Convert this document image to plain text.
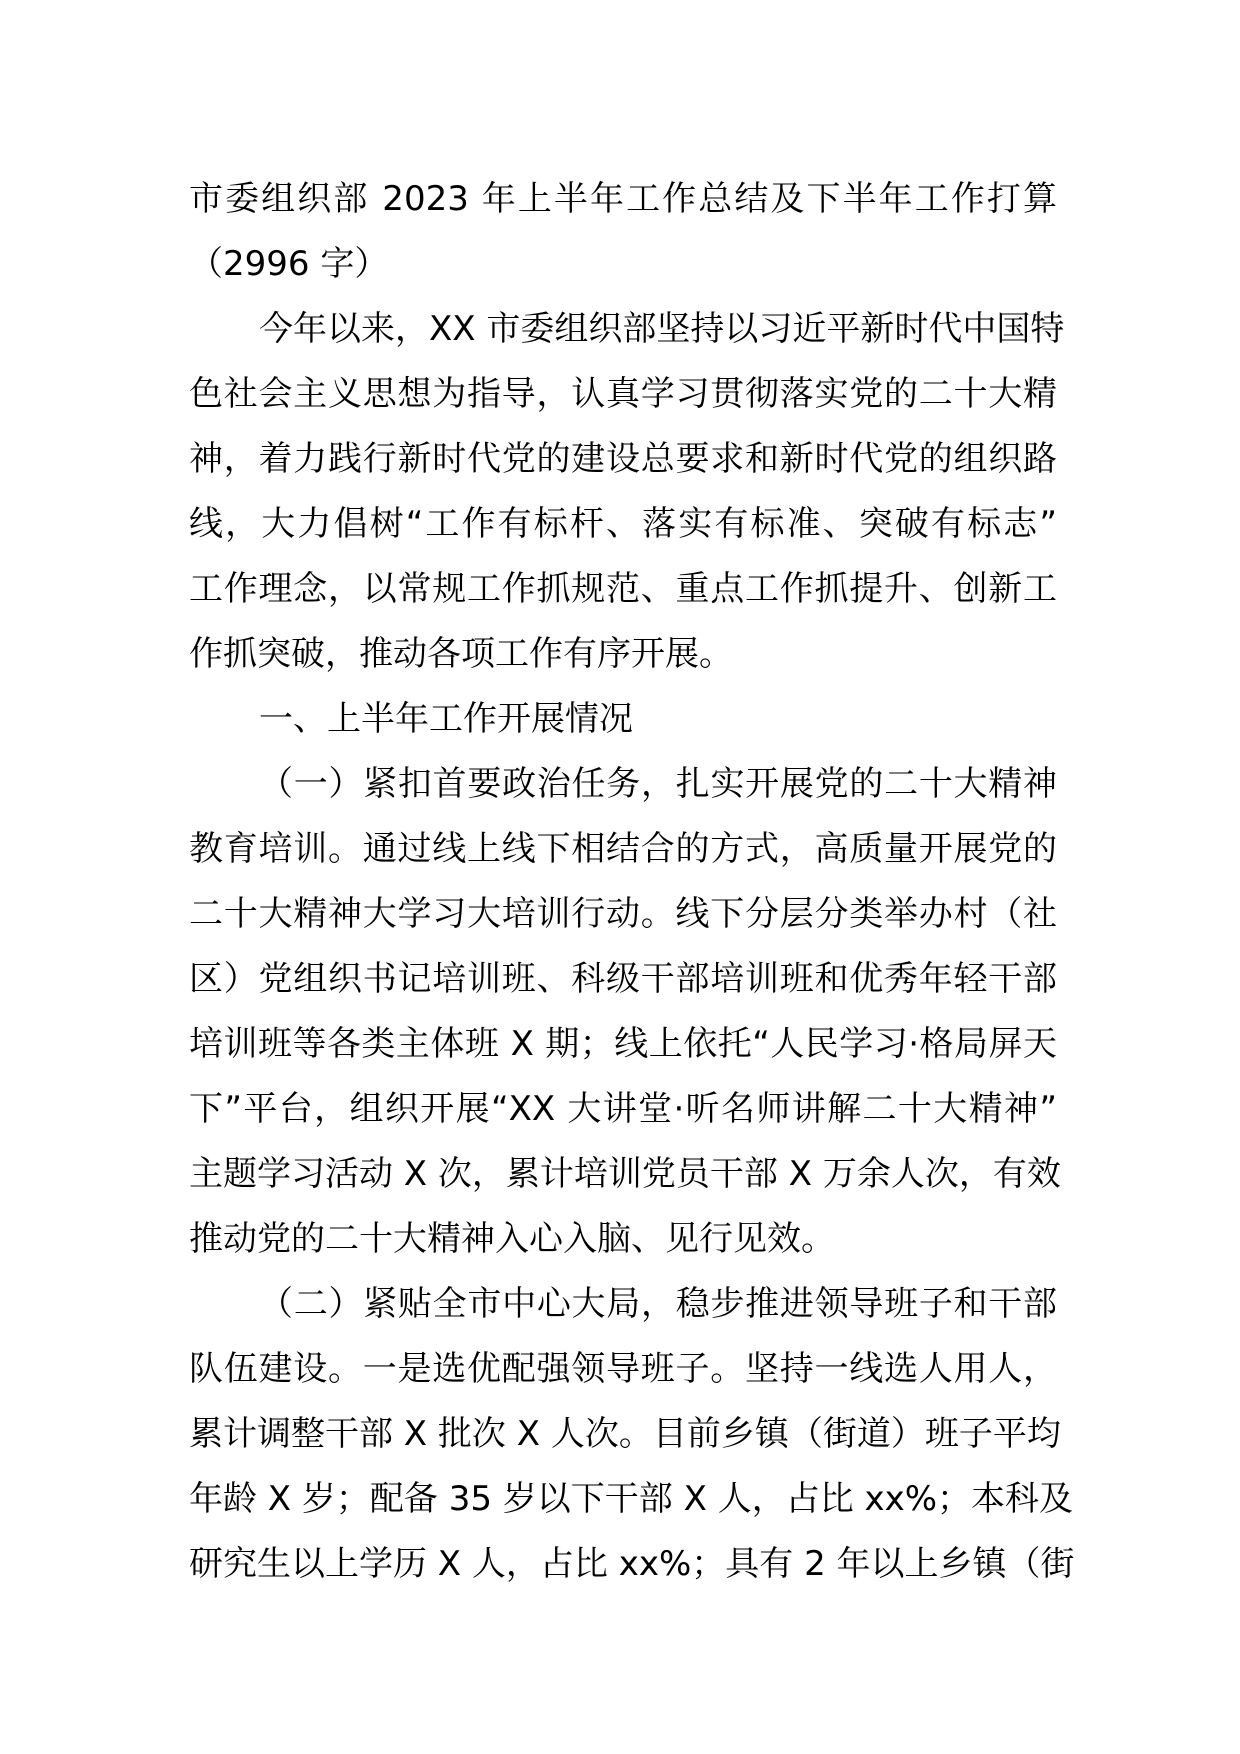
市委组织部 2023 年上半年工作总结及下半年工作打算
（2996 字）
今年以来，XX 市委组织部坚持以习近平新时代中国特
色社会主义思想为指导，认真学习贯彻落实党的二十大精
神，着力践行新时代党的建设总要求和新时代党的组织路
线，大力倡树“工作有标杆、落实有标准、突破有标志”
工作理念，以常规工作抓规范、重点工作抓提升、创新工
作抓突破，推动各项工作有序开展。
一、上半年工作开展情况
（一）紧扣首要政治任务，扎实开展党的二十大精神
教育培训。通过线上线下相结合的方式，高质量开展党的
二十大精神大学习大培训行动。线下分层分类举办村（社
区）党组织书记培训班、科级干部培训班和优秀年轻干部
培训班等各类主体班 X 期；线上依托“人民学习·格局屏天
下”平台，组织开展“XX 大讲堂·听名师讲解二十大精神”
主题学习活动 X 次，累计培训党员干部 X 万余人次，有效
推动党的二十大精神入心入脑、见行见效。
（二）紧贴全市中心大局，稳步推进领导班子和干部
队伍建设。一是选优配强领导班子。坚持一线选人用人，
累计调整干部 X 批次 X 人次。目前乡镇（街道）班子平均
年龄 X 岁；配备 35 岁以下干部 X 人，占比 xx%；本科及
研究生以上学历 X 人，占比 xx%；具有 2 年以上乡镇（街
